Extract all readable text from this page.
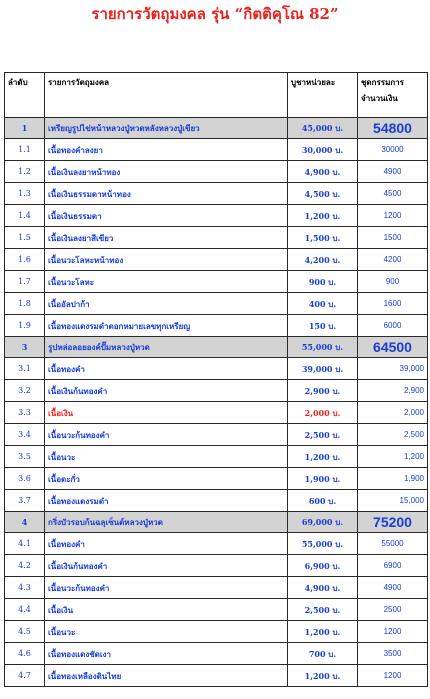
รายการวัตถุมงคล รุ่น “กิตติคุโณ 82”
ลำดับ	รายการวัตถุมงคล	บูชาหน่วยละ	ชุดกรรมการ
จำนวนเงิน

1	เหรียญรูปไข่หน้าหลวงปู่หวดหลังหลวงปู่เขียว	45,000 บ.	54800
1.1	เนื้อทองคำลงยา	30,000 บ.	30000
1.2	เนื้อเงินลงยาหน้าทอง	4,900 บ.	4900
1.3	เนื้อเงินธรรมดาหน้าทอง	4,500 บ.	4500
1.4	เนื้อเงินธรรมดา	1,200 บ.	1200
1.5	เนื้อเงินลงยาสีเขียว	1,500 บ.	1500
1.6	เนื้อนวะโลหะหน้าทอง	4,200 บ.	4200
1.7	เนื้อนวะโลหะ	900 บ.	900
1.8	เนื้ออัลปาก้า	400 บ.	1600
1.9	เนื้อทองแดงรมดำตอกหมายเลขทุกเหรียญ	150 บ.	6000
3	รูปหล่อลอยองค์ปั๊มหลวงปู่หวด	55,000 บ.	64500
3.1	เนื้อทองคำ	39,000 บ.	39,000
3.2	เนื้อเงินก้นทองคำ	2,900 บ.	2,900
3.3	เนื้อเงิน	2,000 บ.	2,000
3.4	เนื้อนวะก้นทองคำ	2,500 บ.	2,500
3.5	เนื้อนวะ	1,200 บ.	1,200
3.6	เนื้อตะกั่ว	1,900 บ.	1,900
3.7	เนื้อทองแดงรมดำ	600 บ.	15,000
4	กริ่งบัวรอบก้นฉลุเซ็นต์หลวงปู่หวด	69,000 บ.	75200
4.1	เนื้อทองคำ	55,000 บ.	55000
4.2	เนื้อเงินก้นทองคำ	6,900 บ.	6900
4.3	เนื้อนวะก้นทองคำ	4,900 บ.	4900
4.4	เนื้อเงิน	2,500 บ.	2500
4.5	เนื้อนวะ	1,200 บ.	1200
4.6	เนื้อทองแดงชัดเงา	700 บ.	3500
4.7	เนื้อทองเหลืองดินไทย	1,200 บ.	1200
